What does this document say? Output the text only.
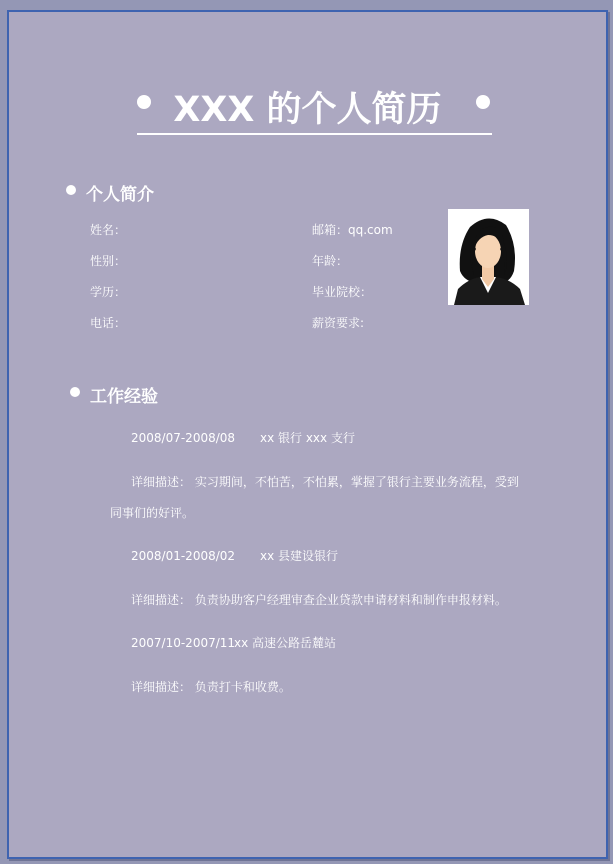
XXX 的个人简历
个人简介
姓名：
性别：
学历：
电话：
邮箱：qq.com
年龄：
毕业院校：
薪资要求:
工作经验
2008/07-2008/08 xx 银行 xxx 支行
详细描述： 实习期间，不怕苦，不怕累，掌握了银行主要业务流程，受到
同事们的好评。
2008/01-2008/02 xx 县建设银行
详细描述： 负责协助客户经理审查企业贷款申请材料和制作申报材料。
2007/10-2007/11
xx 高速公路岳麓站
详细描述： 负责打卡和收费。
